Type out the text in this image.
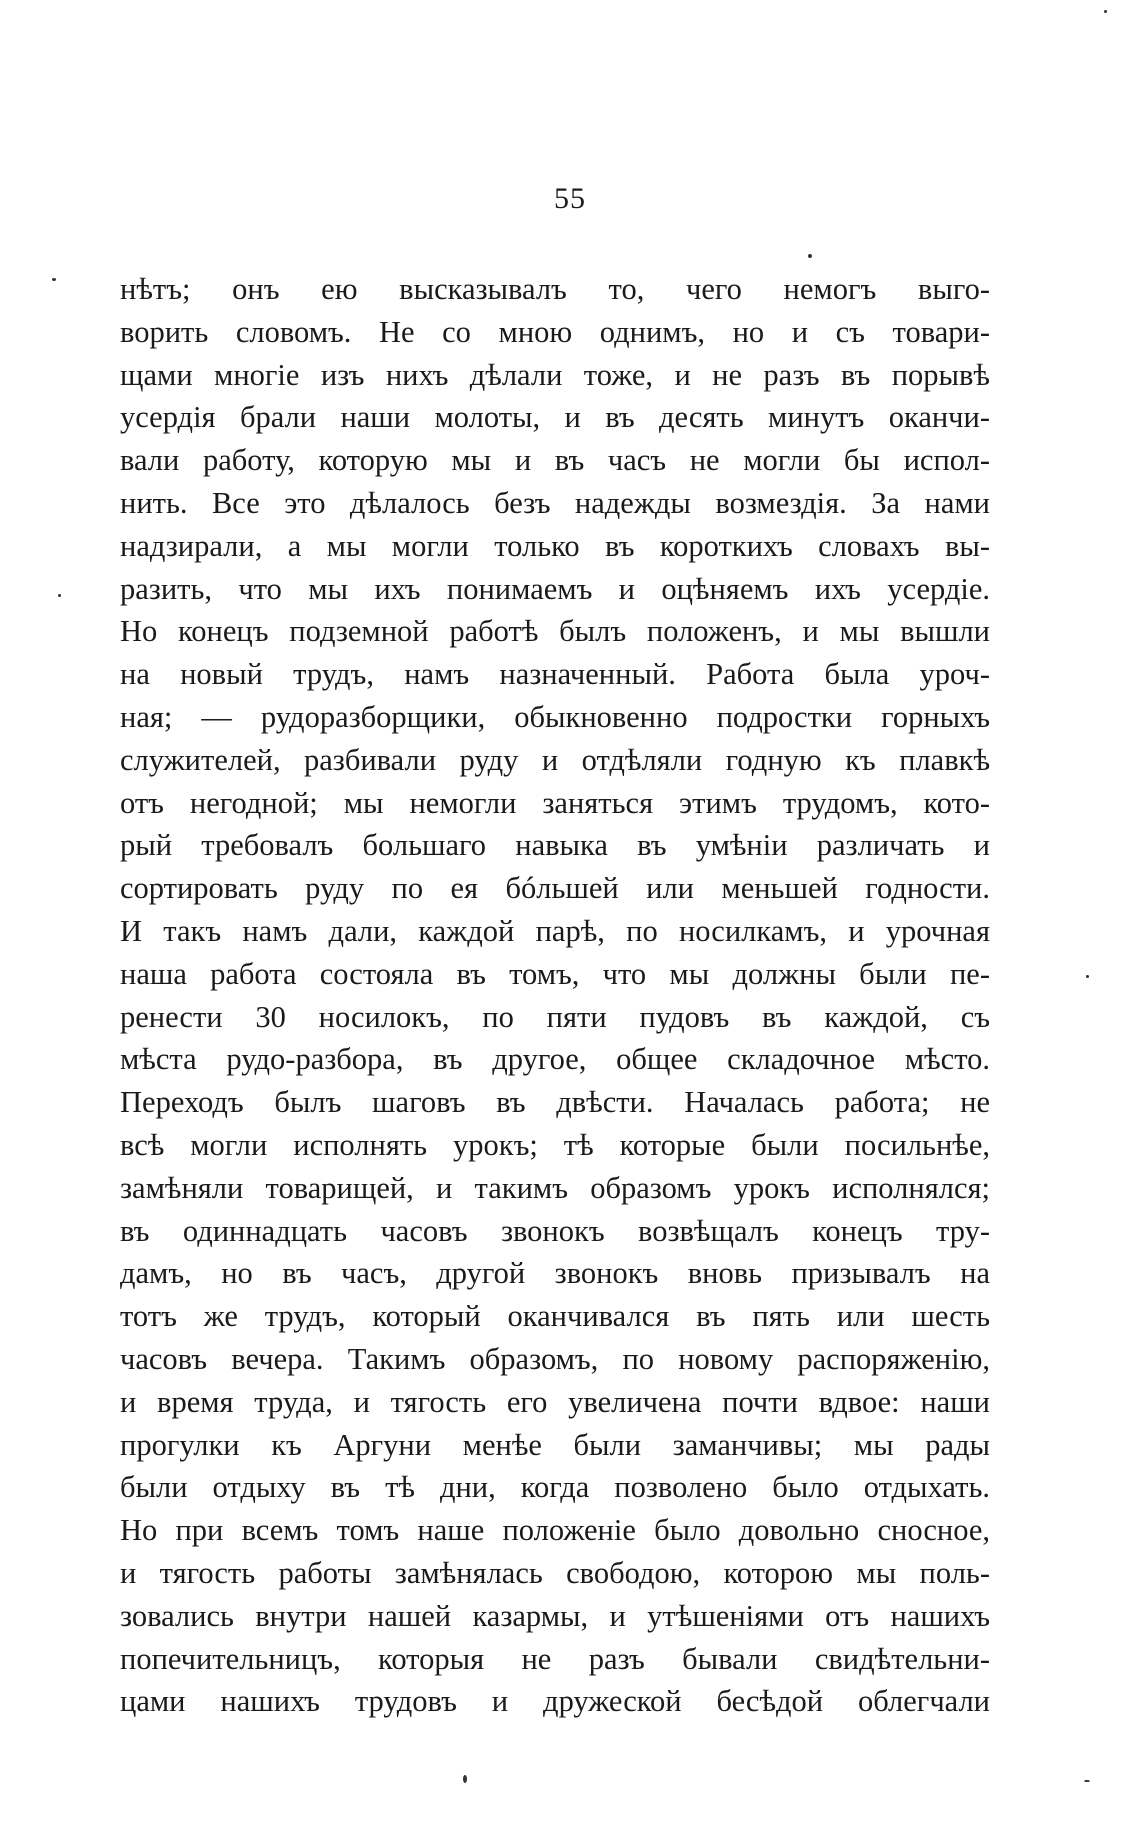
55
нѣтъ; онъ ею высказывалъ то, чего немогъ выго-
ворить словомъ. Не со мною однимъ, но и съ товари-
щами многіе изъ нихъ дѣлали тоже, и не разъ въ порывѣ
усердія брали наши молоты, и въ десять минутъ оканчи-
вали работу, которую мы и въ часъ не могли бы испол-
нить. Все это дѣлалось безъ надежды возмездія. За нами
надзирали, а мы могли только въ короткихъ словахъ вы-
разить, что мы ихъ понимаемъ и оцѣняемъ ихъ усердіе.
Но конецъ подземной работѣ былъ положенъ, и мы вышли
на новый трудъ, намъ назначенный. Работа была уроч-
ная; — рудоразборщики, обыкновенно подростки горныхъ
служителей, разбивали руду и отдѣляли годную къ плавкѣ
отъ негодной; мы немогли заняться этимъ трудомъ, кото-
рый требовалъ большаго навыка въ умѣніи различать и
сортировать руду по ея бóльшей или меньшей годности.
И такъ намъ дали, каждой парѣ, по носилкамъ, и урочная
наша работа состояла въ томъ, что мы должны были пе-
ренести 30 носилокъ, по пяти пудовъ въ каждой, съ
мѣста рудо-разбора, въ другое, общее складочное мѣсто.
Переходъ былъ шаговъ въ двѣсти. Началась работа; не
всѣ могли исполнять урокъ; тѣ которые были посильнѣе,
замѣняли товарищей, и такимъ образомъ урокъ исполнялся;
въ одиннадцать часовъ звонокъ возвѣщалъ конецъ тру-
дамъ, но въ часъ, другой звонокъ вновь призывалъ на
тотъ же трудъ, который оканчивался въ пять или шесть
часовъ вечера. Такимъ образомъ, по новому распоряженію,
и время труда, и тягость его увеличена почти вдвое: наши
прогулки къ Аргуни менѣе были заманчивы; мы рады
были отдыху въ тѣ дни, когда позволено было отдыхать.
Но при всемъ томъ наше положеніе было довольно сносное,
и тягость работы замѣнялась свободою, которою мы поль-
зовались внутри нашей казармы, и утѣшеніями отъ нашихъ
попечительницъ, которыя не разъ бывали свидѣтельни-
цами нашихъ трудовъ и дружеской бесѣдой облегчали
